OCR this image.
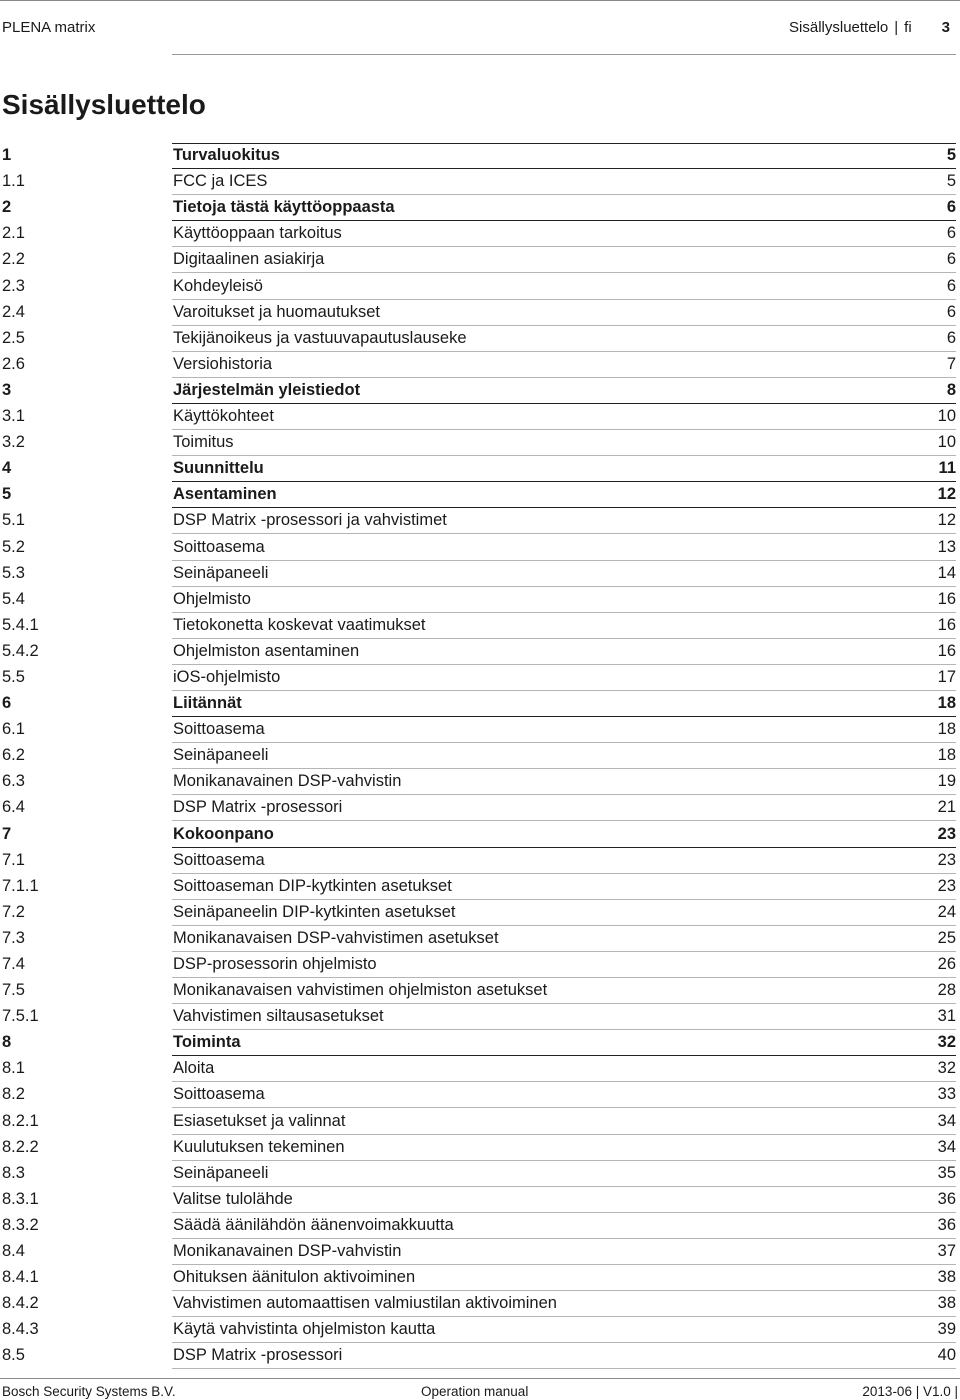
PLENA matrix	Sisällysluettelo | fi 3
Sisällysluettelo
1	Turvaluokitus	5
1.1	FCC ja ICES	5
2	Tietoja tästä käyttöoppaasta	6
2.1	Käyttöoppaan tarkoitus	6
2.2	Digitaalinen asiakirja	6
2.3	Kohdeyleisö	6
2.4	Varoitukset ja huomautukset	6
2.5	Tekijänoikeus ja vastuuvapautuslauseke	6
2.6	Versiohistoria	7
3	Järjestelmän yleistiedot	8
3.1	Käyttökohteet	10
3.2	Toimitus	10
4	Suunnittelu	11
5	Asentaminen	12
5.1	DSP Matrix -prosessori ja vahvistimet	12
5.2	Soittoasema	13
5.3	Seinäpaneeli	14
5.4	Ohjelmisto	16
5.4.1	Tietokonetta koskevat vaatimukset	16
5.4.2	Ohjelmiston asentaminen	16
5.5	iOS-ohjelmisto	17
6	Liitännät	18
6.1	Soittoasema	18
6.2	Seinäpaneeli	18
6.3	Monikanavainen DSP-vahvistin	19
6.4	DSP Matrix -prosessori	21
7	Kokoonpano	23
7.1	Soittoasema	23
7.1.1	Soittoaseman DIP-kytkinten asetukset	23
7.2	Seinäpaneelin DIP-kytkinten asetukset	24
7.3	Monikanavaisen DSP-vahvistimen asetukset	25
7.4	DSP-prosessorin ohjelmisto	26
7.5	Monikanavaisen vahvistimen ohjelmiston asetukset	28
7.5.1	Vahvistimen siltausasetukset	31
8	Toiminta	32
8.1	Aloita	32
8.2	Soittoasema	33
8.2.1	Esiasetukset ja valinnat	34
8.2.2	Kuulutuksen tekeminen	34
8.3	Seinäpaneeli	35
8.3.1	Valitse tulolähde	36
8.3.2	Säädä äänilähdön äänenvoimakkuutta	36
8.4	Monikanavainen DSP-vahvistin	37
8.4.1	Ohituksen äänitulon aktivoiminen	38
8.4.2	Vahvistimen automaattisen valmiustilan aktivoiminen	38
8.4.3	Käytä vahvistinta ohjelmiston kautta	39
8.5	DSP Matrix -prosessori	40
Bosch Security Systems B.V.	Operation manual	2013-06 | V1.0 |
